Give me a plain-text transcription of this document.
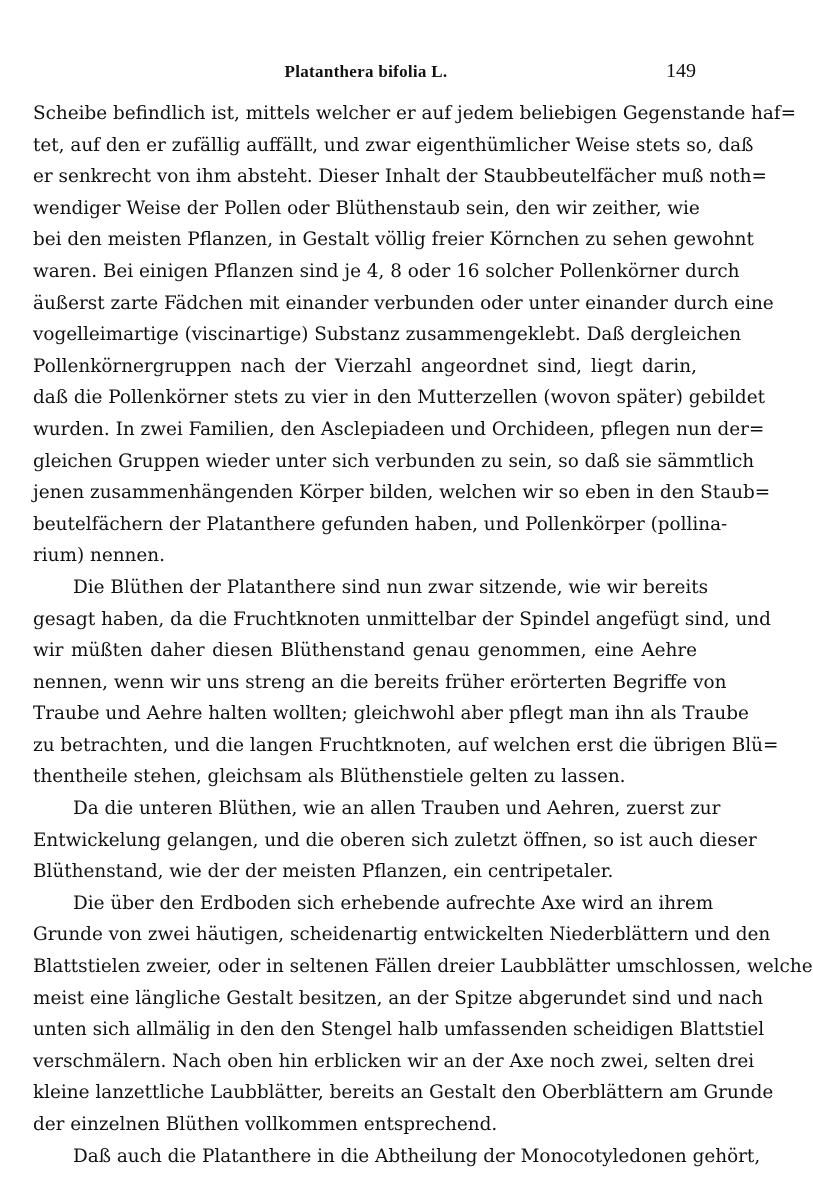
Platanthera bifolia L.	149
Scheibe befindlich ist, mittels welcher er auf jedem beliebigen Gegenstande haf=
tet, auf den er zufällig auffällt, und zwar eigenthümlicher Weise stets so, daß
er senkrecht von ihm absteht. Dieser Inhalt der Staubbeutelfächer muß noth=
wendiger Weise der Pollen oder Blüthenstaub sein, den wir zeither, wie
bei den meisten Pflanzen, in Gestalt völlig freier Körnchen zu sehen gewohnt
waren. Bei einigen Pflanzen sind je 4, 8 oder 16 solcher Pollenkörner durch
äußerst zarte Fädchen mit einander verbunden oder unter einander durch eine
vogelleimartige (viscinartige) Substanz zusammengeklebt. Daß dergleichen
Pollenkörnergruppen nach der Vierzahl angeordnet sind, liegt darin,
daß die Pollenkörner stets zu vier in den Mutterzellen (wovon später) gebildet
wurden. In zwei Familien, den Asclepiadeen und Orchideen, pflegen nun der=
gleichen Gruppen wieder unter sich verbunden zu sein, so daß sie sämmtlich
jenen zusammenhängenden Körper bilden, welchen wir so eben in den Staub=
beutelfächern der Platanthere gefunden haben, und Pollenkörper (pollina-
rium) nennen.
Die Blüthen der Platanthere sind nun zwar sitzende, wie wir bereits
gesagt haben, da die Fruchtknoten unmittelbar der Spindel angefügt sind, und
wir müßten daher diesen Blüthenstand genau genommen, eine Aehre
nennen, wenn wir uns streng an die bereits früher erörterten Begriffe von
Traube und Aehre halten wollten; gleichwohl aber pflegt man ihn als Traube
zu betrachten, und die langen Fruchtknoten, auf welchen erst die übrigen Blü=
thentheile stehen, gleichsam als Blüthenstiele gelten zu lassen.
Da die unteren Blüthen, wie an allen Trauben und Aehren, zuerst zur
Entwickelung gelangen, und die oberen sich zuletzt öffnen, so ist auch dieser
Blüthenstand, wie der der meisten Pflanzen, ein centripetaler.
Die über den Erdboden sich erhebende aufrechte Axe wird an ihrem
Grunde von zwei häutigen, scheidenartig entwickelten Niederblättern und den
Blattstielen zweier, oder in seltenen Fällen dreier Laubblätter umschlossen, welche
meist eine längliche Gestalt besitzen, an der Spitze abgerundet sind und nach
unten sich allmälig in den den Stengel halb umfassenden scheidigen Blattstiel
verschmälern. Nach oben hin erblicken wir an der Axe noch zwei, selten drei
kleine lanzettliche Laubblätter, bereits an Gestalt den Oberblättern am Grunde
der einzelnen Blüthen vollkommen entsprechend.
Daß auch die Platanthere in die Abtheilung der Monocotyledonen gehört,
